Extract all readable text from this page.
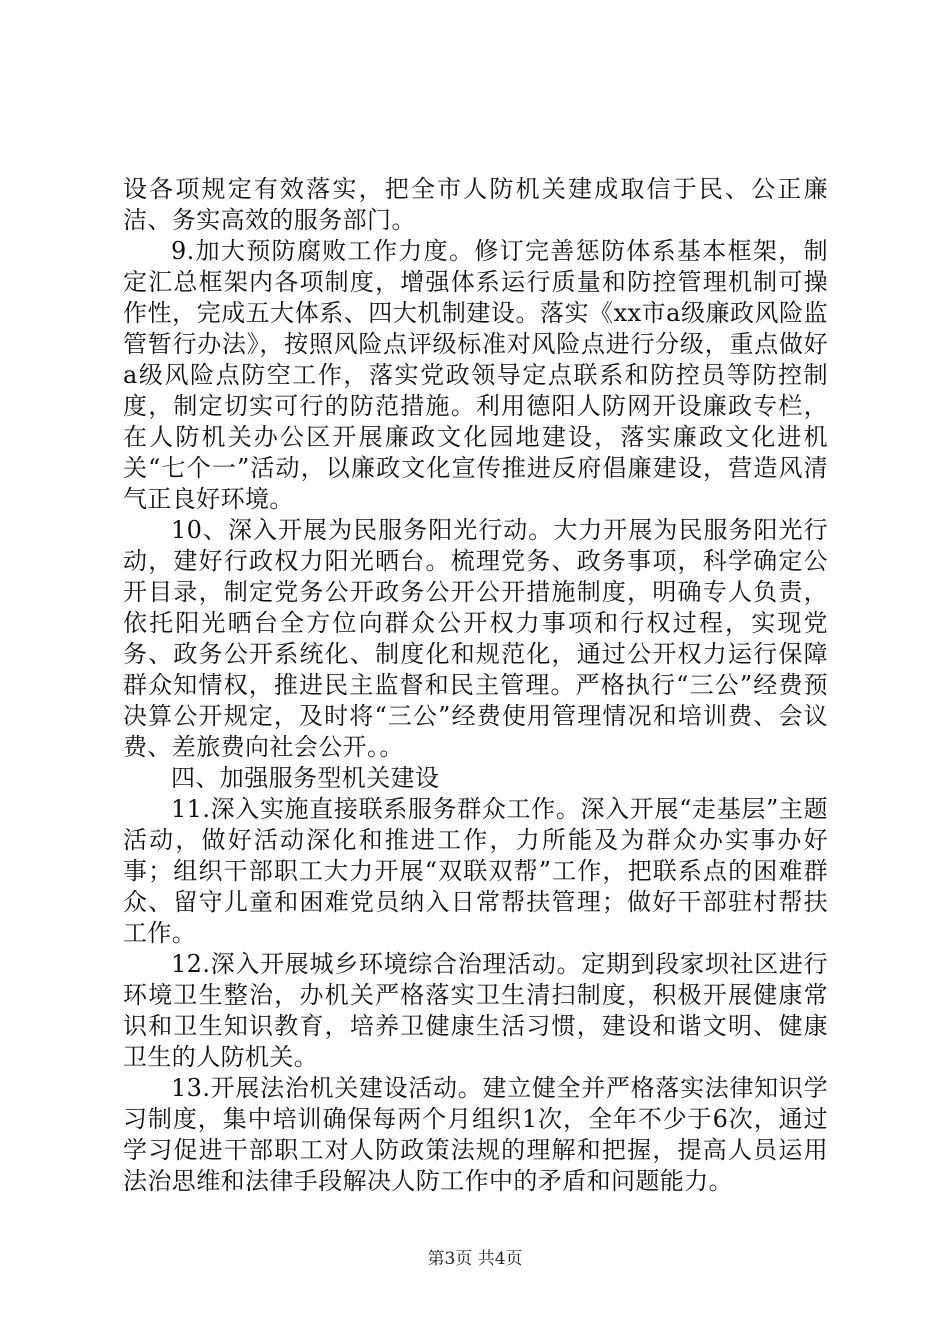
设各项规定有效落实，把全市人防机关建成取信于民、公正廉洁、务实高效的服务部门。

9.加大预防腐败工作力度。修订完善惩防体系基本框架，制定汇总框架内各项制度，增强体系运行质量和防控管理机制可操作性，完成五大体系、四大机制建设。落实《xx市a级廉政风险监管暂行办法》，按照风险点评级标准对风险点进行分级，重点做好a级风险点防空工作，落实党政领导定点联系和防控员等防控制度，制定切实可行的防范措施。利用德阳人防网开设廉政专栏，在人防机关办公区开展廉政文化园地建设，落实廉政文化进机关“七个一”活动，以廉政文化宣传推进反府倡廉建设，营造风清气正良好环境。

10、深入开展为民服务阳光行动。大力开展为民服务阳光行动，建好行政权力阳光晒台。梳理党务、政务事项，科学确定公开目录，制定党务公开政务公开公开措施制度，明确专人负责，依托阳光晒台全方位向群众公开权力事项和行权过程，实现党务、政务公开系统化、制度化和规范化，通过公开权力运行保障群众知情权，推进民主监督和民主管理。严格执行“三公”经费预决算公开规定，及时将“三公”经费使用管理情况和培训费、会议费、差旅费向社会公开。。

四、加强服务型机关建设

11.深入实施直接联系服务群众工作。深入开展“走基层”主题活动，做好活动深化和推进工作，力所能及为群众办实事办好事；组织干部职工大力开展“双联双帮”工作，把联系点的困难群众、留守儿童和困难党员纳入日常帮扶管理；做好干部驻村帮扶工作。

12.深入开展城乡环境综合治理活动。定期到段家坝社区进行环境卫生整治，办机关严格落实卫生清扫制度，积极开展健康常识和卫生知识教育，培养卫健康生活习惯，建设和谐文明、健康卫生的人防机关。

13.开展法治机关建设活动。建立健全并严格落实法律知识学习制度，集中培训确保每两个月组织1次，全年不少于6次，通过学习促进干部职工对人防政策法规的理解和把握，提高人员运用法治思维和法律手段解决人防工作中的矛盾和问题能力。

第3页 共4页
